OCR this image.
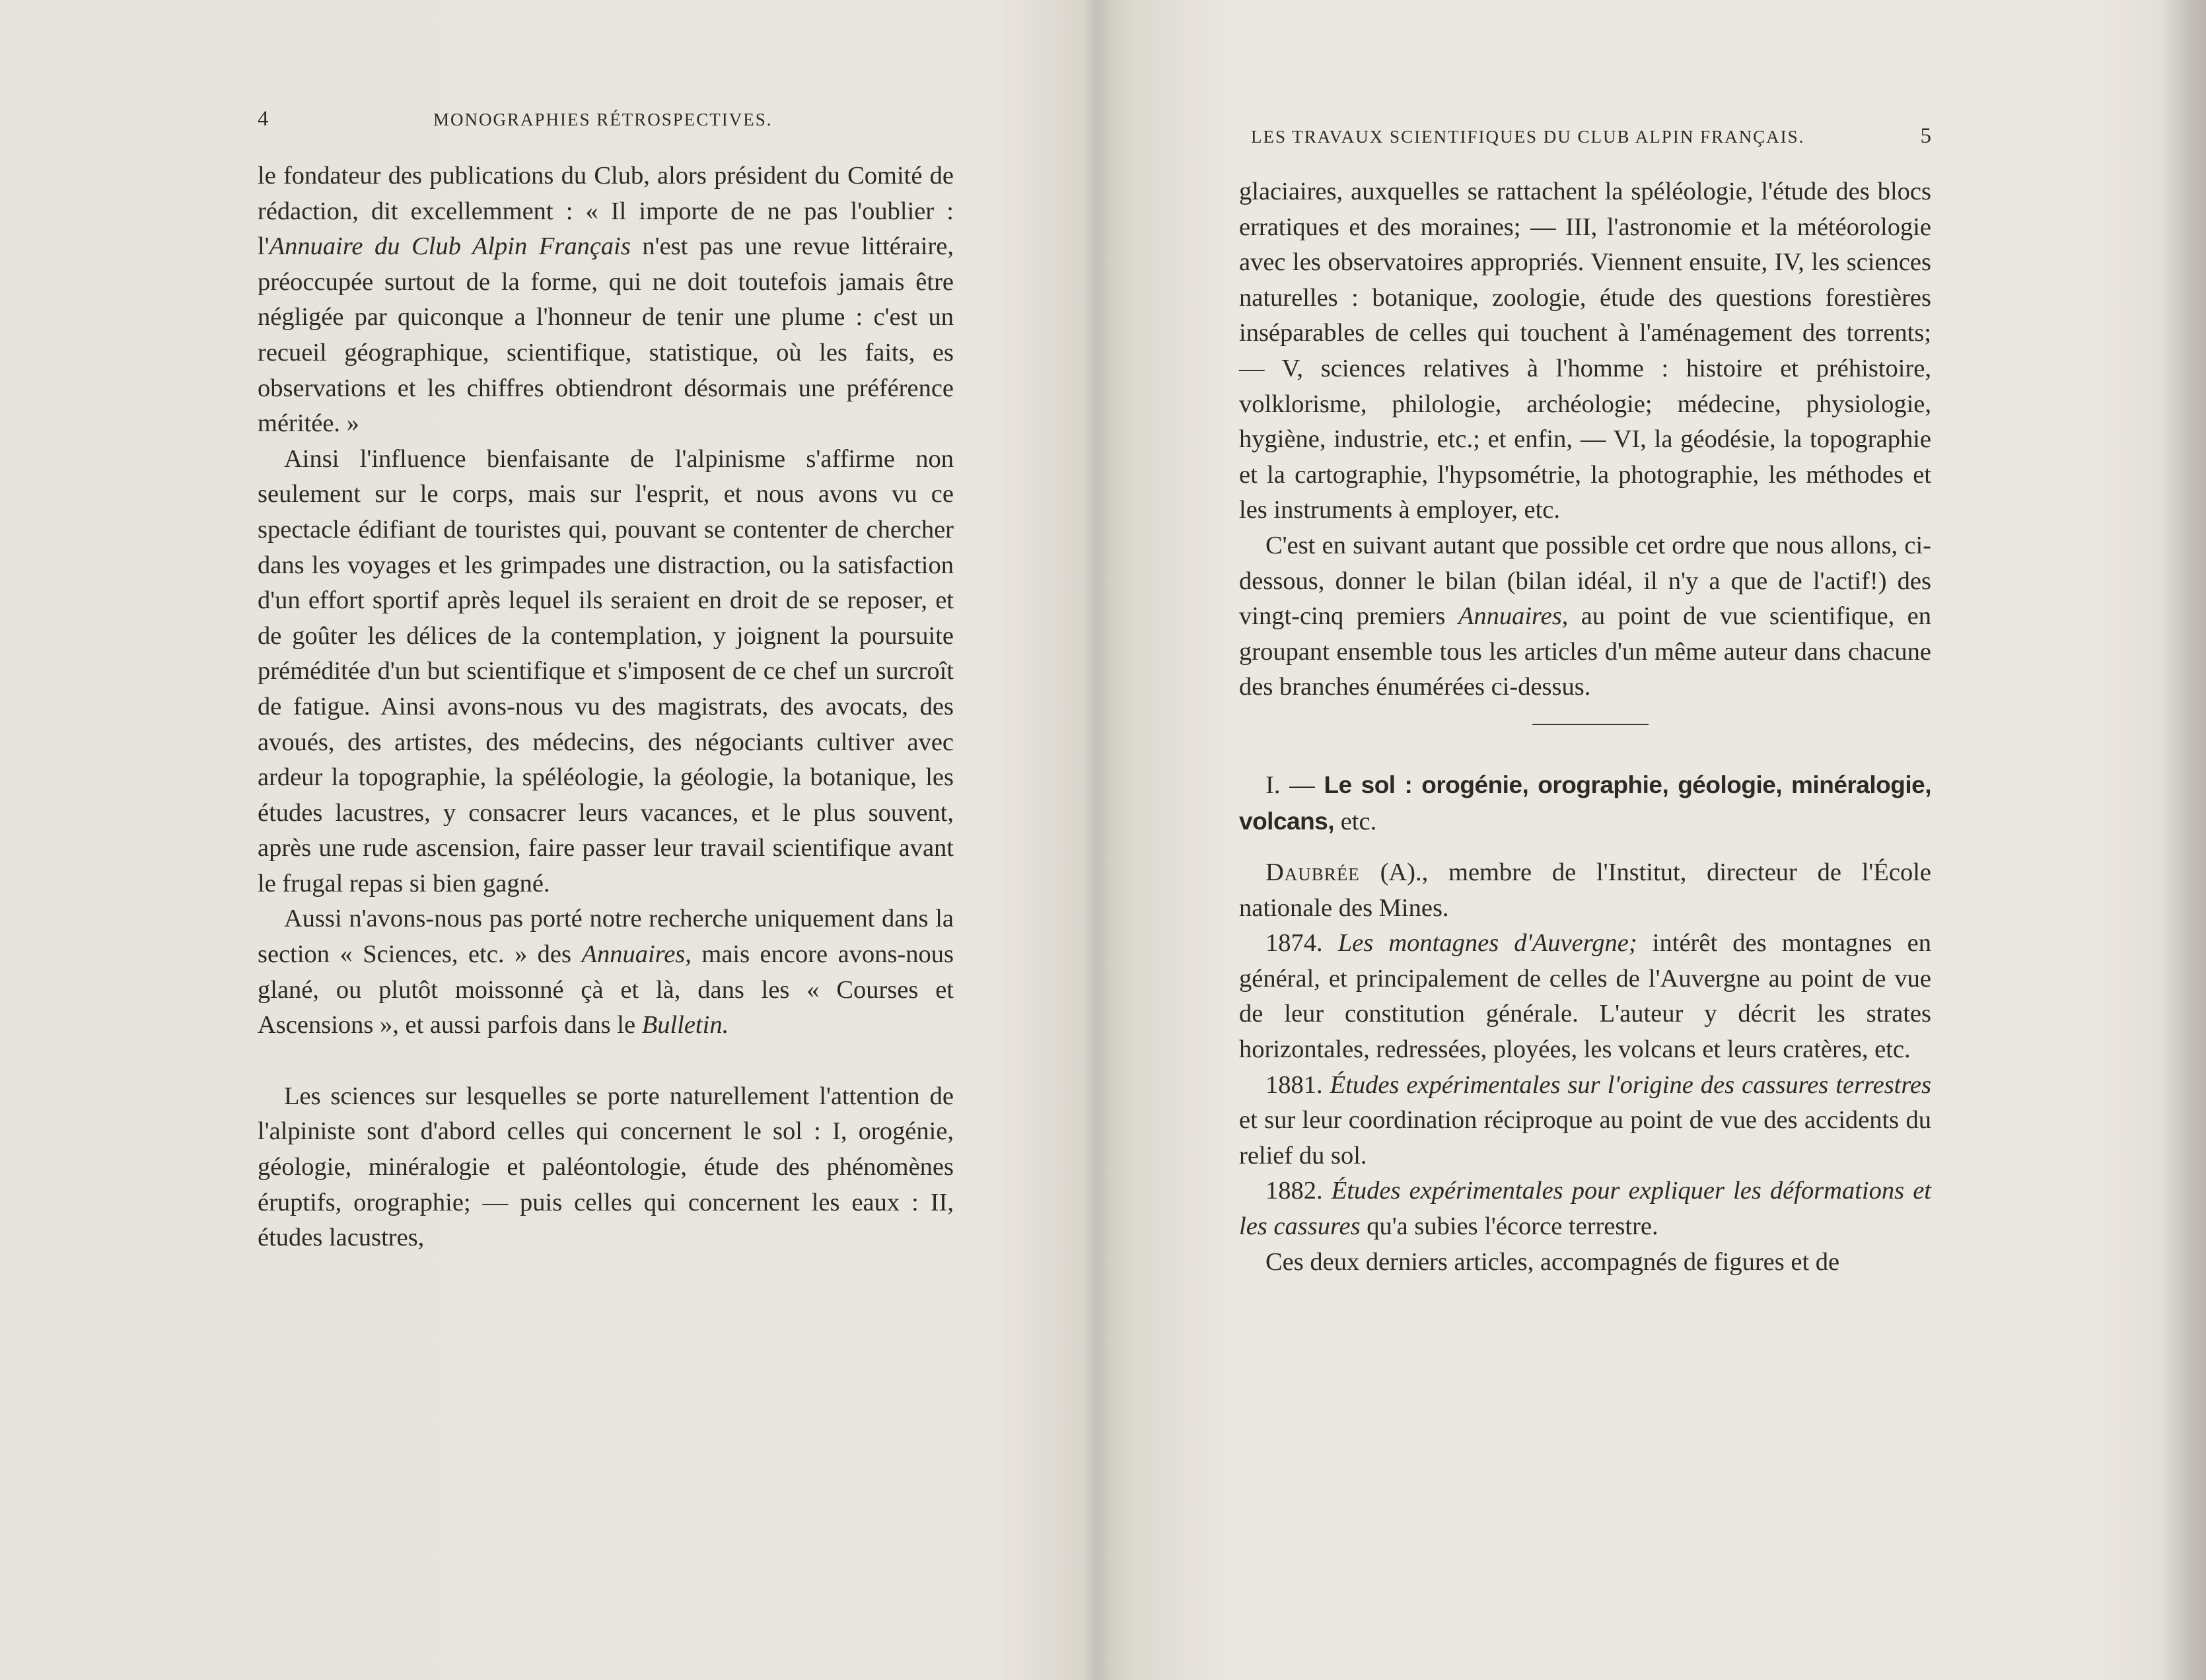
4	MONOGRAPHIES RÉTROSPECTIVES.

le fondateur des publications du Club, alors président du Comité de rédaction, dit excellemment : « Il importe de ne pas l'oublier : l'Annuaire du Club Alpin Français n'est pas une revue littéraire, préoccupée surtout de la forme, qui ne doit toutefois jamais être négligée par quiconque a l'honneur de tenir une plume : c'est un recueil géographique, scientifique, statistique, où les faits, es observations et les chiffres obtiendront désormais une préférence méritée. »

Ainsi l'influence bienfaisante de l'alpinisme s'affirme non seulement sur le corps, mais sur l'esprit, et nous avons vu ce spectacle édifiant de touristes qui, pouvant se contenter de chercher dans les voyages et les grimpades une distraction, ou la satisfaction d'un effort sportif après lequel ils seraient en droit de se reposer, et de goûter les délices de la contemplation, y joignent la poursuite préméditée d'un but scientifique et s'imposent de ce chef un surcroît de fatigue. Ainsi avons-nous vu des magistrats, des avocats, des avoués, des artistes, des médecins, des négociants cultiver avec ardeur la topographie, la spéléologie, la géologie, la botanique, les études lacustres, y consacrer leurs vacances, et le plus souvent, après une rude ascension, faire passer leur travail scientifique avant le frugal repas si bien gagné.

Aussi n'avons-nous pas porté notre recherche uniquement dans la section « Sciences, etc. » des Annuaires, mais encore avons-nous glané, ou plutôt moissonné çà et là, dans les « Courses et Ascensions », et aussi parfois dans le Bulletin.

Les sciences sur lesquelles se porte naturellement l'attention de l'alpiniste sont d'abord celles qui concernent le sol : I, orogénie, géologie, minéralogie et paléontologie, étude des phénomènes éruptifs, orographie; — puis celles qui concernent les eaux : II, études lacustres,

LES TRAVAUX SCIENTIFIQUES DU CLUB ALPIN FRANÇAIS.	5

glaciaires, auxquelles se rattachent la spéléologie, l'étude des blocs erratiques et des moraines; — III, l'astronomie et la météorologie avec les observatoires appropriés. Viennent ensuite, IV, les sciences naturelles : botanique, zoologie, étude des questions forestières inséparables de celles qui touchent à l'aménagement des torrents; — V, sciences relatives à l'homme : histoire et préhistoire, volklorisme, philologie, archéologie; médecine, physiologie, hygiène, industrie, etc.; et enfin, — VI, la géodésie, la topographie et la cartographie, l'hypsométrie, la photographie, les méthodes et les instruments à employer, etc.

C'est en suivant autant que possible cet ordre que nous allons, ci-dessous, donner le bilan (bilan idéal, il n'y a que de l'actif!) des vingt-cinq premiers Annuaires, au point de vue scientifique, en groupant ensemble tous les articles d'un même auteur dans chacune des branches énumérées ci-dessus.

I. — Le sol : orogénie, orographie, géologie, minéralogie, volcans, etc.

Daubrée (A)., membre de l'Institut, directeur de l'École nationale des Mines.

1874. Les montagnes d'Auvergne; intérêt des montagnes en général, et principalement de celles de l'Auvergne au point de vue de leur constitution générale. L'auteur y décrit les strates horizontales, redressées, ployées, les volcans et leurs cratères, etc.

1881. Études expérimentales sur l'origine des cassures terrestres et sur leur coordination réciproque au point de vue des accidents du relief du sol.

1882. Études expérimentales pour expliquer les déformations et les cassures qu'a subies l'écorce terrestre.

Ces deux derniers articles, accompagnés de figures et de
